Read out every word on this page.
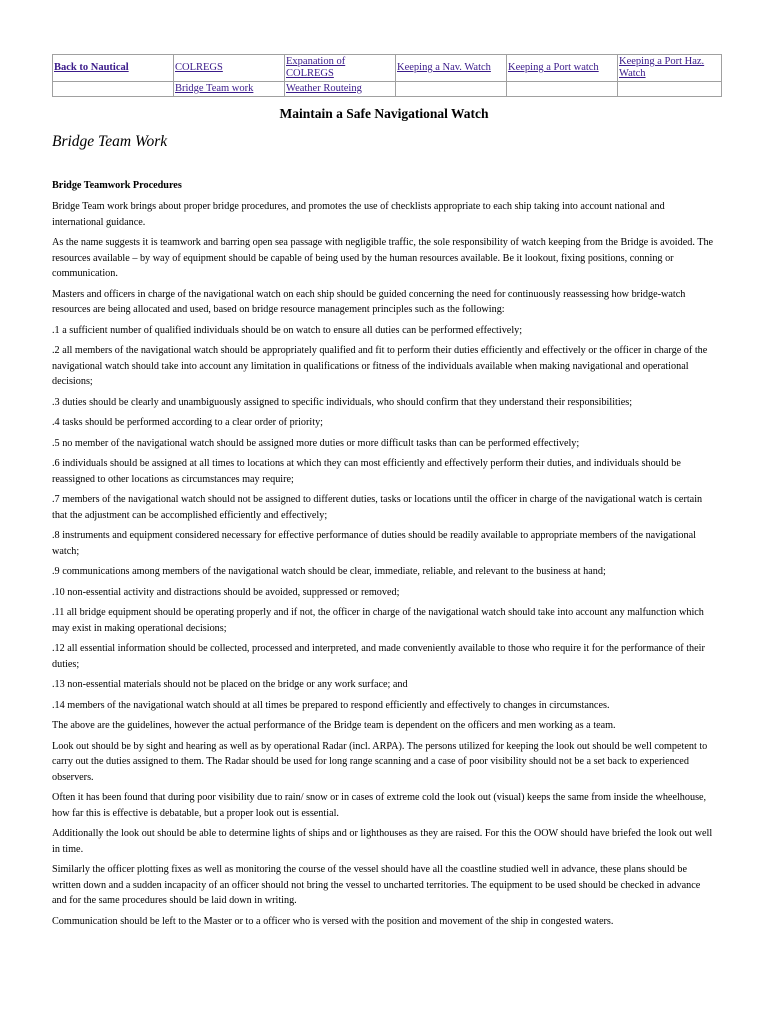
Back to Nautical	COLREGS	Expanation of COLREGS	Keeping a Nav. Watch	Keeping a Port watch	Keeping a Port Haz. Watch
	Bridge Team work	Weather Routeing			
Maintain a Safe Navigational Watch
Bridge Team Work
Bridge Teamwork Procedures

Bridge Team work brings about proper bridge procedures, and promotes the use of checklists appropriate to each ship taking into account national and international guidance.

As the name suggests it is teamwork and barring open sea passage with negligible traffic, the sole responsibility of watch keeping from the Bridge is avoided. The resources available – by way of equipment should be capable of being used by the human resources available. Be it lookout, fixing positions, conning or communication.

Masters and officers in charge of the navigational watch on each ship should be guided concerning the need for continuously reassessing how bridge-watch resources are being allocated and used, based on bridge resource management principles such as the following:

.1 a sufficient number of qualified individuals should be on watch to ensure all duties can be performed effectively;

.2 all members of the navigational watch should be appropriately qualified and fit to perform their duties efficiently and effectively or the officer in charge of the navigational watch should take into account any limitation in qualifications or fitness of the individuals available when making navigational and operational decisions;

.3 duties should be clearly and unambiguously assigned to specific individuals, who should confirm that they understand their responsibilities;

.4 tasks should be performed according to a clear order of priority;

.5 no member of the navigational watch should be assigned more duties or more difficult tasks than can be performed effectively;

.6 individuals should be assigned at all times to locations at which they can most efficiently and effectively perform their duties, and individuals should be reassigned to other locations as circumstances may require;

.7 members of the navigational watch should not be assigned to different duties, tasks or locations until the officer in charge of the navigational watch is certain that the adjustment can be accomplished efficiently and effectively;

.8 instruments and equipment considered necessary for effective performance of duties should be readily available to appropriate members of the navigational watch;

.9 communications among members of the navigational watch should be clear, immediate, reliable, and relevant to the business at hand;

.10 non-essential activity and distractions should be avoided, suppressed or removed;

.11 all bridge equipment should be operating properly and if not, the officer in charge of the navigational watch should take into account any malfunction which may exist in making operational decisions;

.12 all essential information should be collected, processed and interpreted, and made conveniently available to those who require it for the performance of their duties;

.13 non-essential materials should not be placed on the bridge or any work surface; and

.14 members of the navigational watch should at all times be prepared to respond efficiently and effectively to changes in circumstances.

The above are the guidelines, however the actual performance of the Bridge team is dependent on the officers and men working as a team.

Look out should be by sight and hearing as well as by operational Radar (incl. ARPA). The persons utilized for keeping the look out should be well competent to carry out the duties assigned to them. The Radar should be used for long range scanning and a case of poor visibility should not be a set back to experienced observers.

Often it has been found that during poor visibility due to rain/ snow or in cases of extreme cold the look out (visual) keeps the same from inside the wheelhouse, how far this is effective is debatable, but a proper look out is essential.

Additionally the look out should be able to determine lights of ships and or lighthouses as they are raised. For this the OOW should have briefed the look out well in time.

Similarly the officer plotting fixes as well as monitoring the course of the vessel should have all the coastline studied well in advance, these plans should be written down and a sudden incapacity of an officer should not bring the vessel to uncharted territories. The equipment to be used should be checked in advance and for the same procedures should be laid down in writing.

Communication should be left to the Master or to a officer who is versed with the position and movement of the ship in congested waters.
